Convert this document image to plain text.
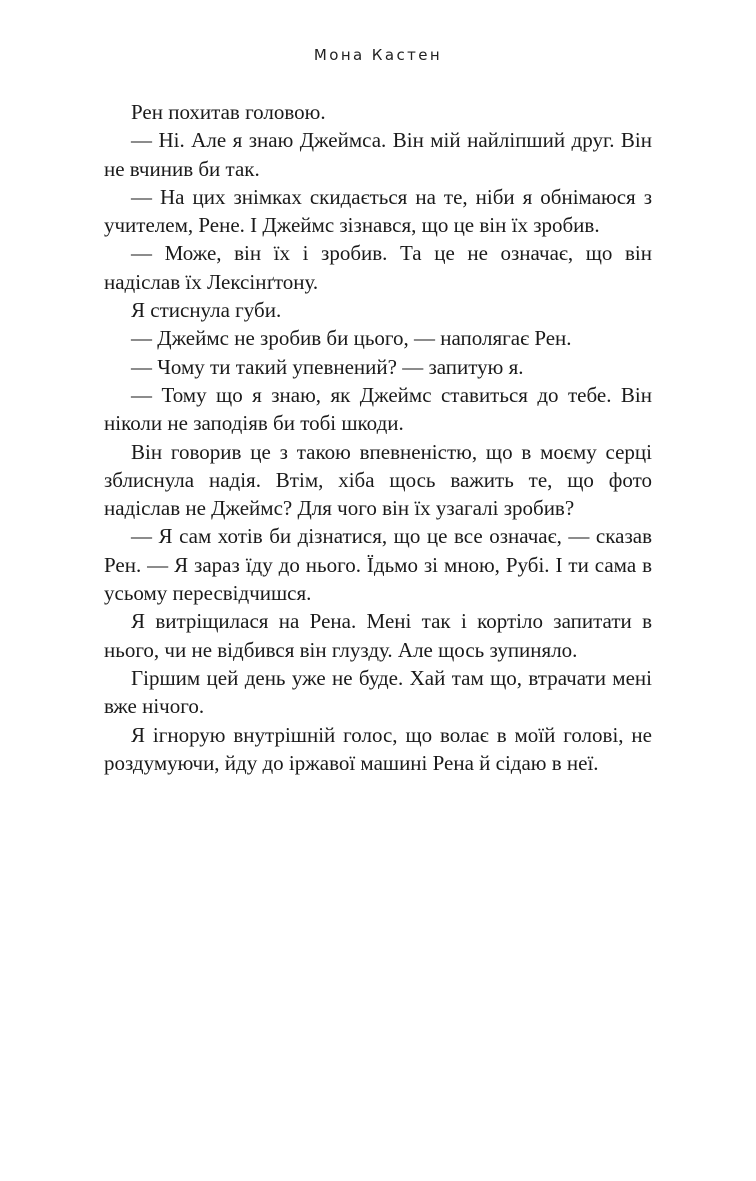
Мона Кастен

Рен похитав головою.

— Ні. Але я знаю Джеймса. Він мій найліпший друг. Він не вчинив би так.

— На цих знімках скидається на те, ніби я обнімаюся з учителем, Рене. І Джеймс зізнався, що це він їх зробив.

— Може, він їх і зробив. Та це не означає, що він надіслав їх Лексінґтону.

Я стиснула губи.

— Джеймс не зробив би цього, — наполягає Рен.

— Чому ти такий упевнений? — запитую я.

— Тому що я знаю, як Джеймс ставиться до тебе. Він ніколи не заподіяв би тобі шкоди.

Він говорив це з такою впевненістю, що в моєму серці зблиснула надія. Втім, хіба щось важить те, що фото надіслав не Джеймс? Для чого він їх узагалі зробив?

— Я сам хотів би дізнатися, що це все означає, — сказав Рен. — Я зараз їду до нього. Їдьмо зі мною, Рубі. І ти сама в усьому пересвідчишся.

Я витріщилася на Рена. Мені так і кортіло запитати в нього, чи не відбився він глузду. Але щось зупиняло.

Гіршим цей день уже не буде. Хай там що, втрачати мені вже нічого.

Я ігнорую внутрішній голос, що волає в моїй голові, не роздумуючи, йду до іржавої машині Рена й сідаю в неї.
